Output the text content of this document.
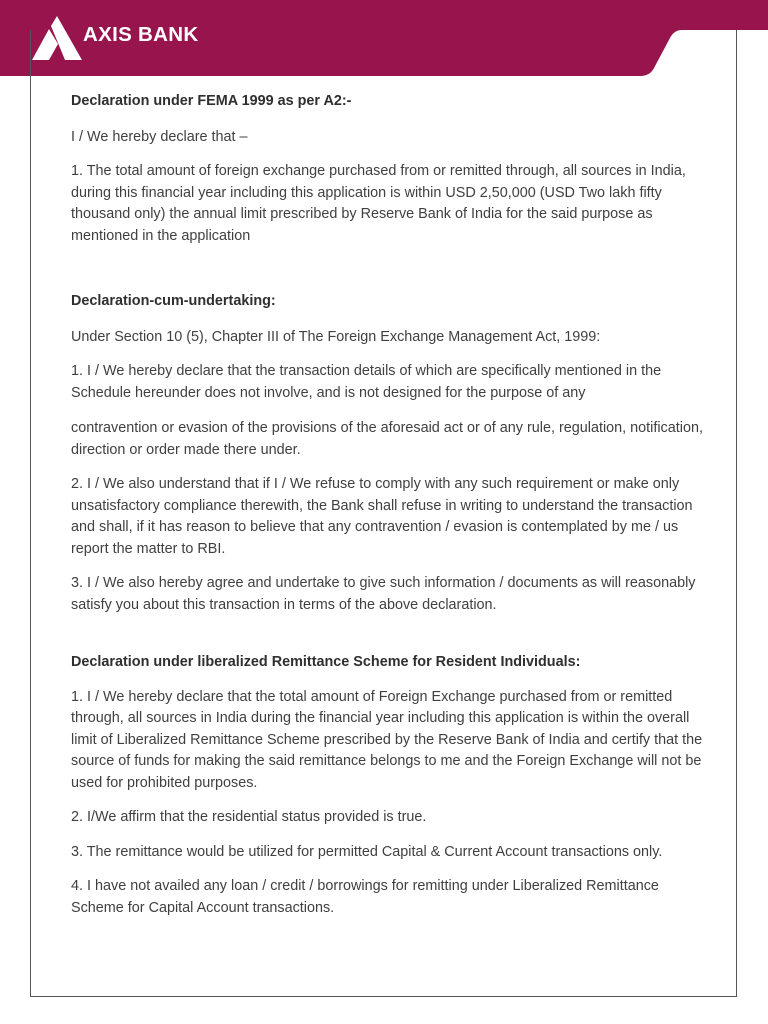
AXIS BANK

Declaration under FEMA 1999 as per A2:-

I / We hereby declare that –

1. The total amount of foreign exchange purchased from or remitted through, all sources in India, during this financial year including this application is within USD 2,50,000 (USD Two lakh fifty thousand only) the annual limit prescribed by Reserve Bank of India for the said purpose as mentioned in the application

Declaration-cum-undertaking:

Under Section 10 (5), Chapter III of The Foreign Exchange Management Act, 1999:

1. I / We hereby declare that the transaction details of which are specifically mentioned in the Schedule hereunder does not involve, and is not designed for the purpose of any

contravention or evasion of the provisions of the aforesaid act or of any rule, regulation, notification, direction or order made there under.

2. I / We also understand that if I / We refuse to comply with any such requirement or make only unsatisfactory compliance therewith, the Bank shall refuse in writing to understand the transaction and shall, if it has reason to believe that any contravention / evasion is contemplated by me / us report the matter to RBI.

3. I / We also hereby agree and undertake to give such information / documents as will reasonably satisfy you about this transaction in terms of the above declaration.

Declaration under liberalized Remittance Scheme for Resident Individuals:

1. I / We hereby declare that the total amount of Foreign Exchange purchased from or remitted through, all sources in India during the financial year including this application is within the overall limit of Liberalized Remittance Scheme prescribed by the Reserve Bank of India and certify that the source of funds for making the said remittance belongs to me and the Foreign Exchange will not be used for prohibited purposes.

2. I/We affirm that the residential status provided is true.

3. The remittance would be utilized for permitted Capital & Current Account transactions only.

4. I have not availed any loan / credit / borrowings for remitting under Liberalized Remittance Scheme for Capital Account transactions.
